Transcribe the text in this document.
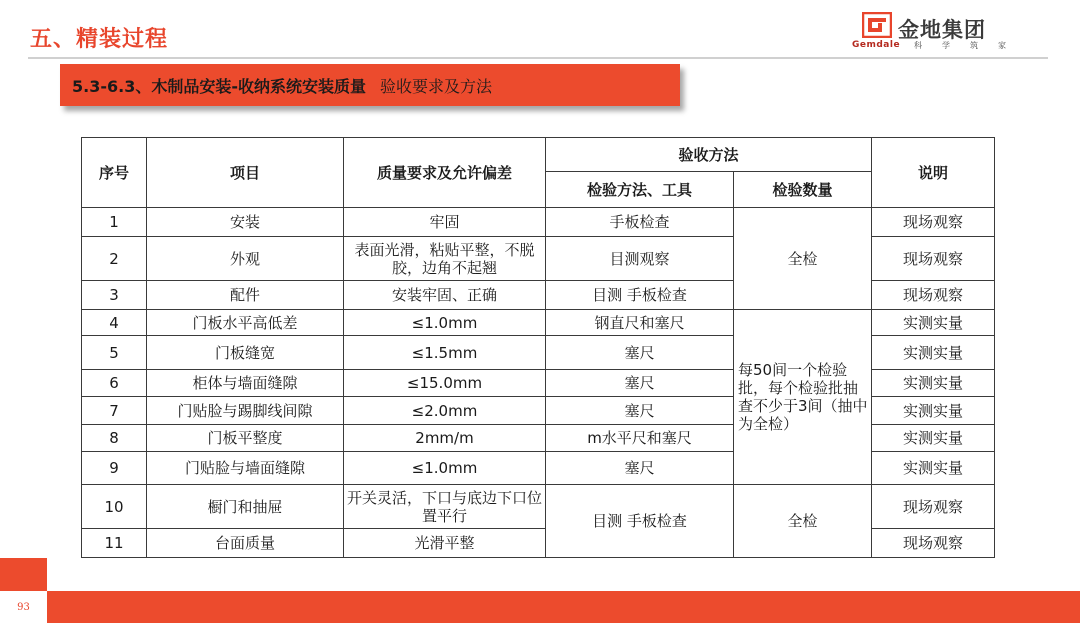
五、精装过程	金地集团
Gemdale 科	学	筑	家
5.3-6.3、木制品安装-收纳系统安装质量 验收要求及方法
序号	项目	质量要求及允许偏差	验收方法		说明
			检验方法、工具	检验数量	
1	安装	牢固	手板检查	全检	现场观察
2	外观	表面光滑，粘贴平整，不脱胶，边角不起翘	目测观察		现场观察
3	配件	安装牢固、正确	目测 手板检查		现场观察
4	门板水平高低差	≤1.0mm	钢直尺和塞尺	每50间一个检验批，每个检验批抽查不少于3间（抽中为全检）	实测实量
5	门板缝宽	≤1.5mm	塞尺		实测实量
6	柜体与墙面缝隙	≤15.0mm	塞尺		实测实量
7	门贴脸与踢脚线间隙	≤2.0mm	塞尺		实测实量
8	门板平整度	2mm/m	m水平尺和塞尺		实测实量
9	门贴脸与墙面缝隙	≤1.0mm	塞尺		实测实量
10	橱门和抽屉	开关灵活，下口与底边下口位置平行	目测 手板检查	全检	现场观察
11	台面质量	光滑平整			现场观察
93
